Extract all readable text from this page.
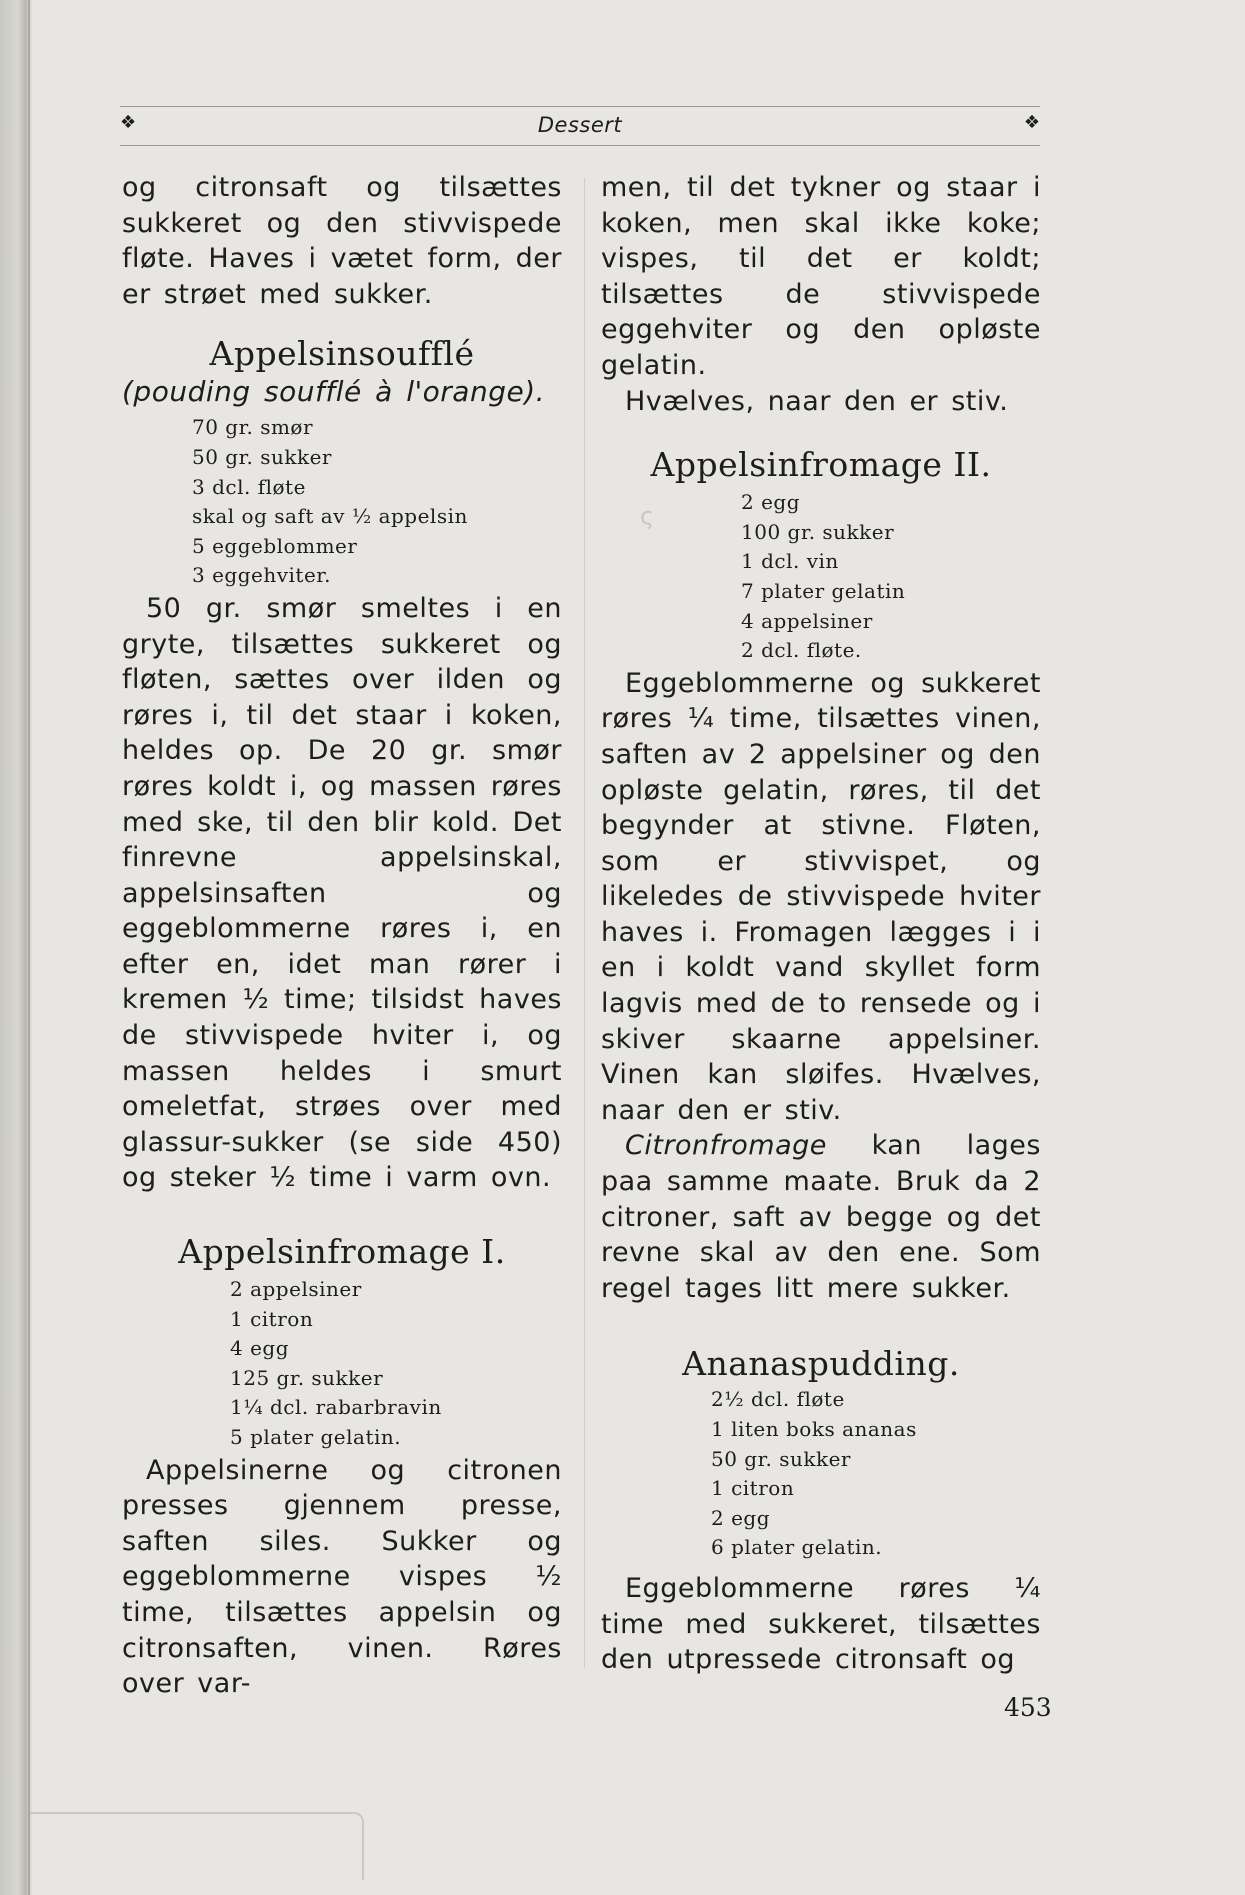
❖	Dessert	❖
ς

og citronsaft og tilsættes sukkeret og den stivvispede fløte. Haves i vætet form, der er strøet med sukker.

Appelsinsoufflé

(pouding soufflé à l'orange).

70 gr. smør
50 gr. sukker
3 dcl. fløte
skal og saft av ½ appelsin
5 eggeblommer
3 eggehviter.

50 gr. smør smeltes i en gryte, tilsættes sukkeret og fløten, sættes over ilden og røres i, til det staar i koken, heldes op. De 20 gr. smør røres koldt i, og massen røres med ske, til den blir kold. Det finrevne appelsinskal, appelsinsaften og eggeblommerne røres i, en efter en, idet man rører i kremen ½ time; tilsidst haves de stivvispede hviter i, og massen heldes i smurt omeletfat, strøes over med glassur-sukker (se side 450) og steker ½ time i varm ovn.

Appelsinfromage I.
2 appelsiner
1 citron
4 egg
125 gr. sukker
1¼ dcl. rabarbravin
5 plater gelatin.

Appelsinerne og citronen presses gjennem presse, saften siles. Sukker og eggeblommerne vispes ½ time, tilsættes appelsin og citronsaften, vinen. Røres over var-

men, til det tykner og staar i koken, men skal ikke koke; vispes, til det er koldt; tilsættes de stivvispede eggehviter og den opløste gelatin.

Hvælves, naar den er stiv.

Appelsinfromage II.
2 egg
100 gr. sukker
1 dcl. vin
7 plater gelatin
4 appelsiner
2 dcl. fløte.

Eggeblommerne og sukkeret røres ¼ time, tilsættes vinen, saften av 2 appelsiner og den opløste gelatin, røres, til det begynder at stivne. Fløten, som er stivvispet, og likeledes de stivvispede hviter haves i. Fromagen lægges i i en i koldt vand skyllet form lagvis med de to rensede og i skiver skaarne appelsiner. Vinen kan sløifes. Hvælves, naar den er stiv.

Citronfromage kan lages paa samme maate. Bruk da 2 citroner, saft av begge og det revne skal av den ene. Som regel tages litt mere sukker.

Ananaspudding.
2½ dcl. fløte
1 liten boks ananas
50 gr. sukker
1 citron
2 egg
6 plater gelatin.

Eggeblommerne røres ¼ time med sukkeret, tilsættes den utpressede citronsaft og

453
